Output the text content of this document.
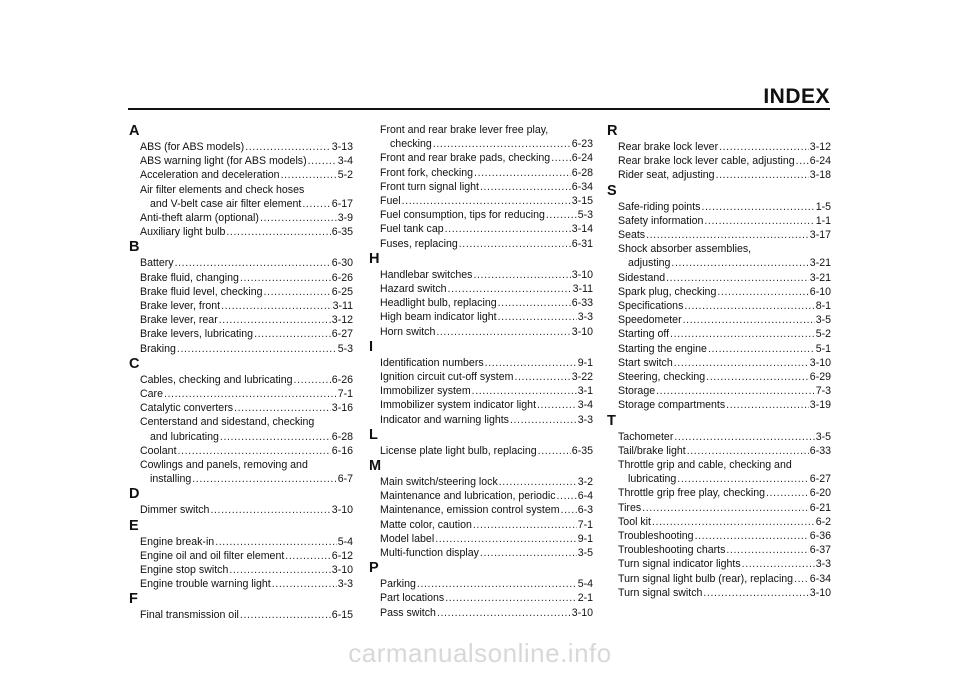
INDEX
A
ABS (for ABS models) .....	3-13
ABS warning light (for ABS models) .....	3-4
Acceleration and deceleration .....	5-2
Air filter elements and check hoses
and V-belt case air filter element .....	6-17
Anti-theft alarm (optional) .....	3-9
Auxiliary light bulb .....	6-35
B
Battery .....	6-30
Brake fluid, changing .....	6-26
Brake fluid level, checking .....	6-25
Brake lever, front .....	3-11
Brake lever, rear .....	3-12
Brake levers, lubricating .....	6-27
Braking .....	5-3
C
Cables, checking and lubricating .....	6-26
Care .....	7-1
Catalytic converters .....	3-16
Centerstand and sidestand, checking
and lubricating .....	6-28
Coolant .....	6-16
Cowlings and panels, removing and
installing .....	6-7
D
Dimmer switch .....	3-10
E
Engine break-in .....	5-4
Engine oil and oil filter element .....	6-12
Engine stop switch .....	3-10
Engine trouble warning light .....	3-3
F
Final transmission oil .....	6-15
Front and rear brake lever free play,
checking .....	6-23
Front and rear brake pads, checking ..... 6-24
Front fork, checking .....	6-28
Front turn signal light .....	6-34
Fuel .....	3-15
Fuel consumption, tips for reducing .....	5-3
Fuel tank cap .....	3-14
Fuses, replacing .....	6-31
H
Handlebar switches .....	3-10
Hazard switch .....	3-11
Headlight bulb, replacing .....	6-33
High beam indicator light .....	3-3
Horn switch .....	3-10
I
Identification numbers .....	9-1
Ignition circuit cut-off system .....	3-22
Immobilizer system .....	3-1
Immobilizer system indicator light .....	3-4
Indicator and warning lights .....	3-3
L
License plate light bulb, replacing .....	6-35
M
Main switch/steering lock .....	3-2
Maintenance and lubrication, periodic ..... 6-4
Maintenance, emission control system ..... 6-3
Matte color, caution .....	7-1
Model label .....	9-1
Multi-function display .....	3-5
P
Parking .....	5-4
Part locations .....	2-1
Pass switch .....	3-10
R
Rear brake lock lever .....	3-12
Rear brake lock lever cable, adjusting ..... 6-24
Rider seat, adjusting .....	3-18
S
Safe-riding points .....	1-5
Safety information .....	1-1
Seats .....	3-17
Shock absorber assemblies,
adjusting .....	3-21
Sidestand .....	3-21
Spark plug, checking .....	6-10
Specifications .....	8-1
Speedometer .....	3-5
Starting off .....	5-2
Starting the engine .....	5-1
Start switch .....	3-10
Steering, checking .....	6-29
Storage .....	7-3
Storage compartments .....	3-19
T
Tachometer .....	3-5
Tail/brake light .....	6-33
Throttle grip and cable, checking and
lubricating .....	6-27
Throttle grip free play, checking .....	6-20
Tires .....	6-21
Tool kit .....	6-2
Troubleshooting .....	6-36
Troubleshooting charts .....	6-37
Turn signal indicator lights .....	3-3
Turn signal light bulb (rear), replacing ..... 6-34
Turn signal switch .....	3-10
carmanualsonline.info
